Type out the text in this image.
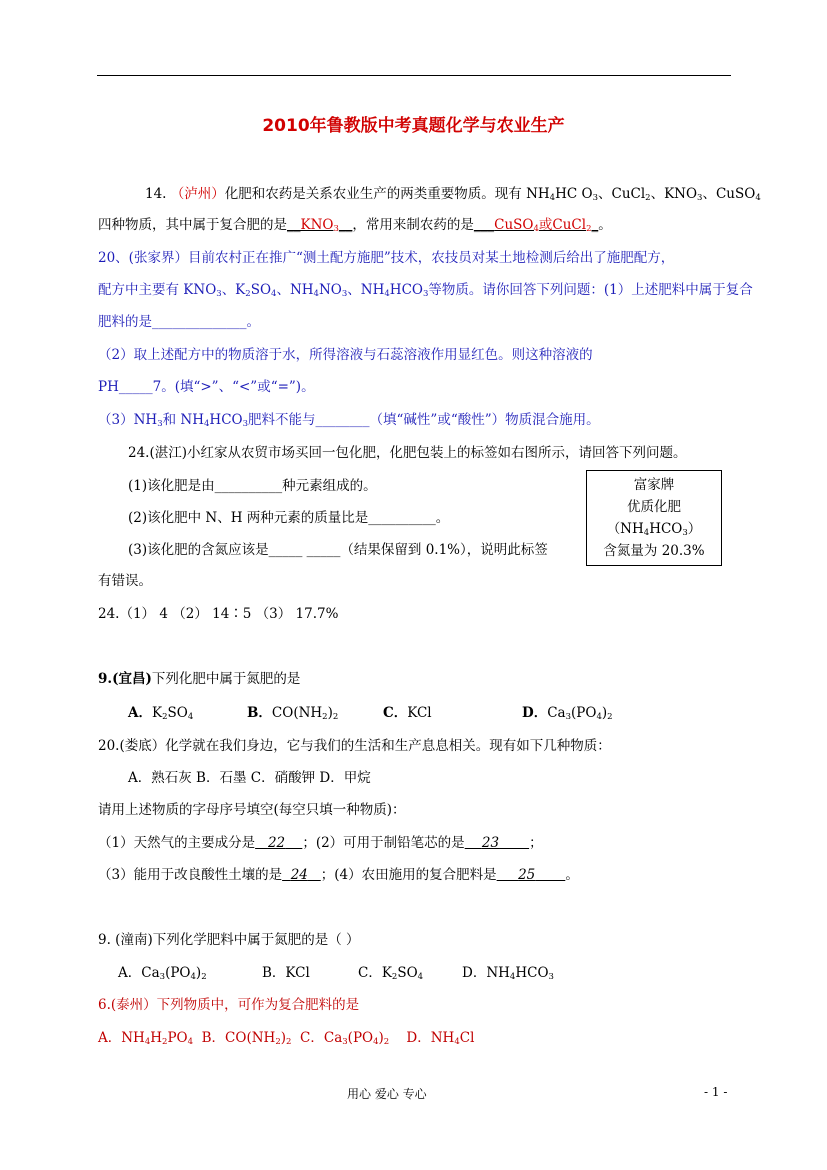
2010年鲁教版中考真题化学与农业生产
14. （泸州）化肥和农药是关系农业生产的两类重要物质。现有 $NH_4HC$ $O_3$、CuCl$_2$、$KNO_3$、CuSO$_4$
四种物质，其中属于复合肥的是$\_\_KNO_3\_\_$，常用来制农药的是___CuSO$_4$或CuCl$_2$_。
20、(张家界）目前农村正在推广“测土配方施肥”技术，农技员对某土地检测后给出了施肥配方，
配方中主要有 $KNO_3$、$K_2SO_4$、$NH_4NO_3$、$NH_4HCO_3$等物质。请你回答下列问题：(1）上述肥料中属于复合
肥料的是______________。
（2）取上述配方中的物质溶于水，所得溶液与石蕊溶液作用显红色。则这种溶液的
PH_____7。(填“>”、“<”或“=”)。
$(3)NH_3$和 $NH_4HCO_3$肥料不能与________（填“碱性”或“酸性”）物质混合施用。
24.(湛江)小红家从农贸市场买回一包化肥，化肥包装上的标签如右图所示，请回答下列问题。
(1)该化肥是由__________种元素组成的。
(2)该化肥中 N、H 两种元素的质量比是__________。
(3)该化肥的含氮应该是_____ _____（结果保留到 0.1%），说明此标签
有错误。
24.（1） 4 （2） 14∶5 （3） 17.7%
富家牌
优质化肥
$(NH_4HCO_3)$
含氮量为 20.3%
9.(宜昌)下列化肥中属于氮肥的是
A．$K_2SO_4$	B．$CO(NH_2)_2$	C．KCl	D．$Ca_3(PO_4)_2$
20.(娄底）化学就在我们身边，它与我们的生活和生产息息相关。现有如下几种物质：
A．熟石灰 B．石墨 C．硝酸钾 D．甲烷
请用上述物质的字母序号填空(每空只填一种物质)：
（1）天然气的主要成分是 22 ；(2）可用于制铅笔芯的是 23 ；
（3）能用于改良酸性土壤的是 24 ；(4）农田施用的复合肥料是 25 。
9. (潼南)下列化学肥料中属于氮肥的是（ ）
A．$Ca_3(PO_4)_2$	B．KCl	C．$K_2SO_4$	D．$NH_4HCO_3$
6.(泰州）下列物质中，可作为复合肥料的是
A．$NH_4H_2PO_4$ B．$CO(NH_2)_2$ C．$Ca_3(PO_4)_2$ D．$NH_4Cl$
用心 爱心 专心	- 1 -
